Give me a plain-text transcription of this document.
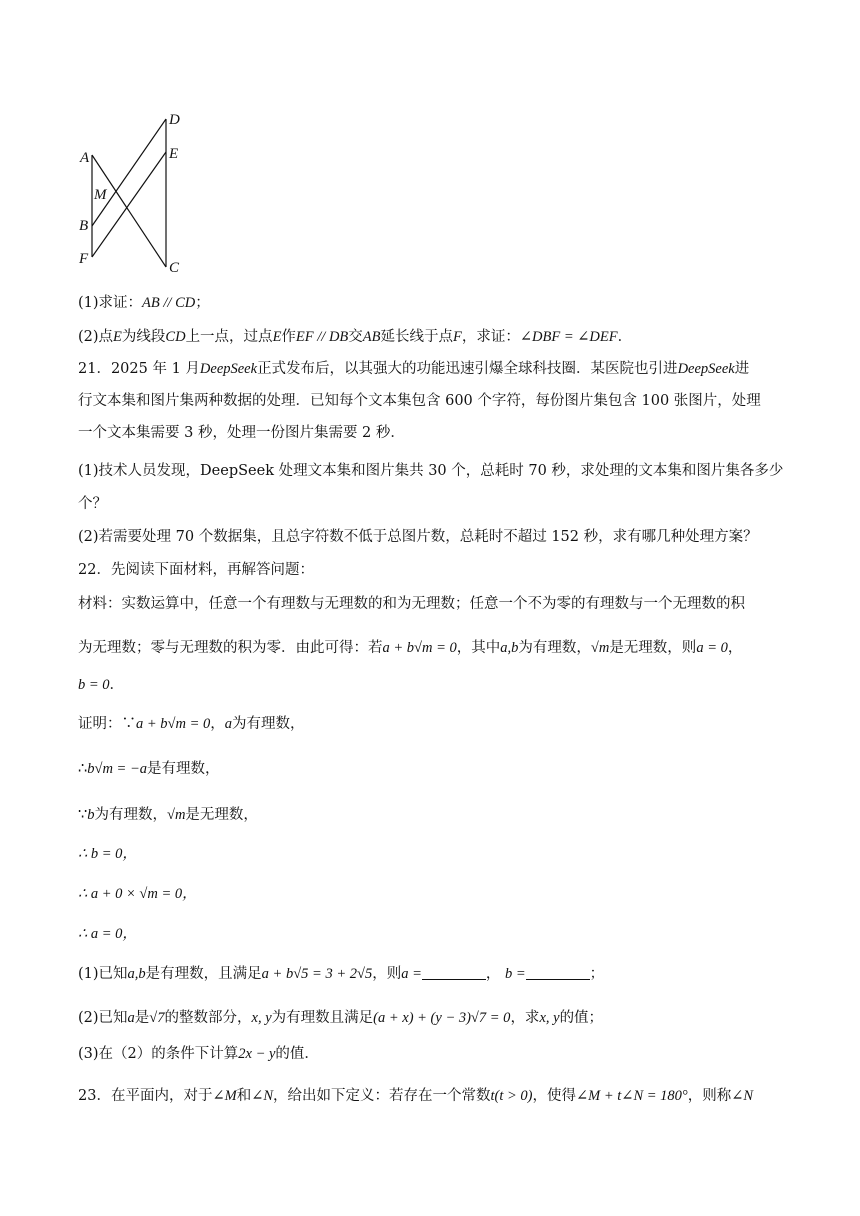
A
M
B
F
D
E
C
(1)求证：AB // CD；
(2)点E为线段CD上一点，过点E作EF // DB交AB延长线于点F，求证：∠DBF = ∠DEF．
21．2025 年 1 月DeepSeek正式发布后，以其强大的功能迅速引爆全球科技圈．某医院也引进DeepSeek进
行文本集和图片集两种数据的处理．已知每个文本集包含 600 个字符，每份图片集包含 100 张图片，处理
一个文本集需要 3 秒，处理一份图片集需要 2 秒．
(1)技术人员发现，DeepSeek 处理文本集和图片集共 30 个，总耗时 70 秒，求处理的文本集和图片集各多少
个？
(2)若需要处理 70 个数据集，且总字符数不低于总图片数，总耗时不超过 152 秒，求有哪几种处理方案？
22．先阅读下面材料，再解答问题：
材料：实数运算中，任意一个有理数与无理数的和为无理数；任意一个不为零的有理数与一个无理数的积
为无理数；零与无理数的积为零．由此可得：若a + b√m = 0，其中a,b为有理数，√m是无理数，则a = 0，
b = 0．
证明：∵a + b√m = 0，a为有理数，
∴b√m = −a是有理数，
∵b为有理数，√m是无理数，
∴ b = 0，
∴ a + 0 × √m = 0，
∴ a = 0，
(1)已知a,b是有理数，且满足a + b√5 = 3 + 2√5，则a =	， b =	；
(2)已知a是√7的整数部分，x, y为有理数且满足(a + x) + (y − 3)√7 = 0，求x, y的值；
(3)在（2）的条件下计算2x − y的值．
23．在平面内，对于∠M和∠N，给出如下定义：若存在一个常数t(t > 0)，使得∠M + t∠N = 180°，则称∠N
